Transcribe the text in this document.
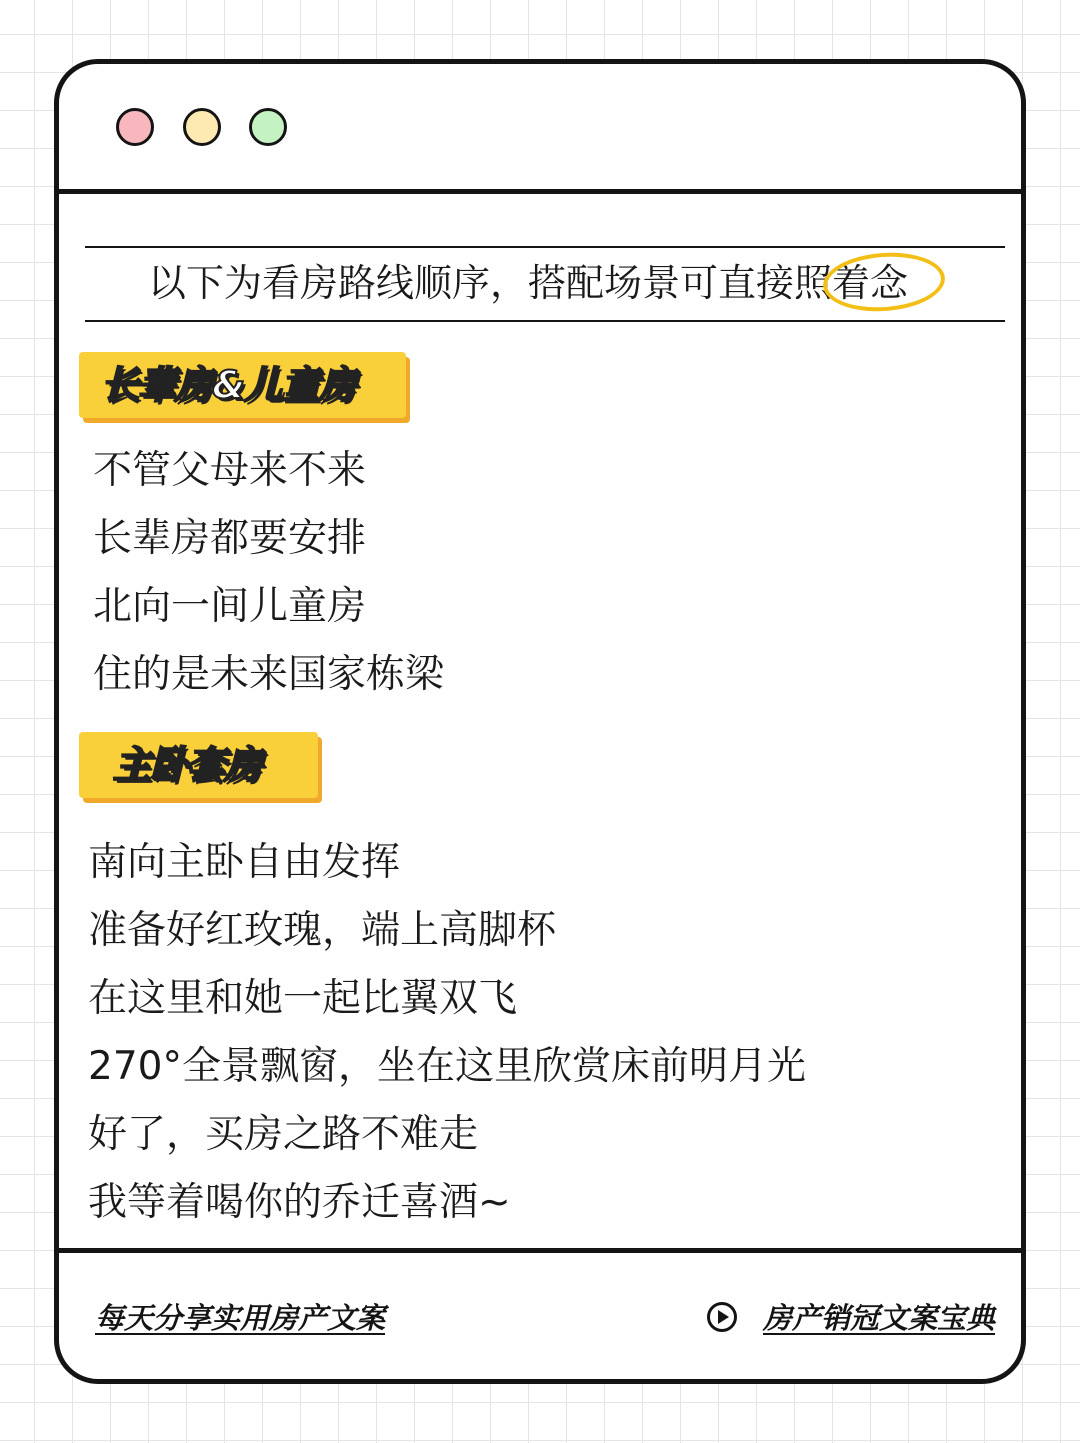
以下为看房路线顺序，搭配场景可直接照着念
长辈房&儿童房
不管父母来不来
长辈房都要安排
北向一间儿童房
住的是未来国家栋梁
主卧套房
南向主卧自由发挥
准备好红玫瑰，端上高脚杯
在这里和她一起比翼双飞
270°全景飘窗，坐在这里欣赏床前明月光
好了，买房之路不难走
我等着喝你的乔迁喜酒~
每天分享实用房产文案	房产销冠文案宝典
